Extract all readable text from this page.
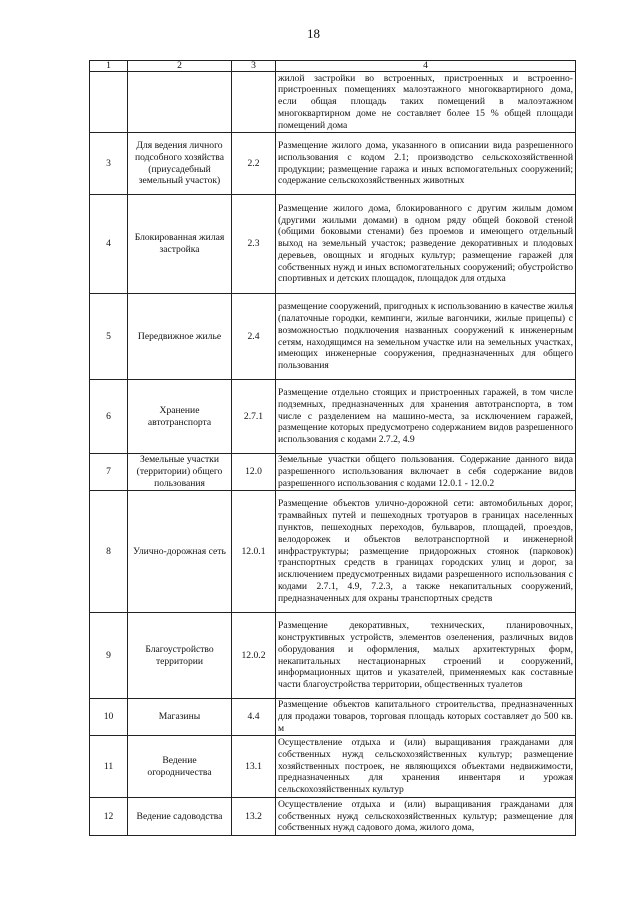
18
1	2	3	4
			жилой застройки во встроенных, пристроенных и встроенно-пристроенных помещениях малоэтажного многоквартирного дома, если общая площадь таких помещений в малоэтажном многоквартирном доме не составляет более 15 % общей площади помещений дома
3	Для ведения личного подсобного хозяйства (приусадебный земельный участок)	2.2	Размещение жилого дома, указанного в описании вида разрешенного использования с кодом 2.1; производство сельскохозяйственной продукции; размещение гаража и иных вспомогательных сооружений; содержание сельскохозяйственных животных
4	Блокированная жилая застройка	2.3	Размещение жилого дома, блокированного с другим жилым домом (другими жилыми домами) в одном ряду общей боковой стеной (общими боковыми стенами) без проемов и имеющего отдельный выход на земельный участок; разведение декоративных и плодовых деревьев, овощных и ягодных культур; размещение гаражей для собственных нужд и иных вспомогательных сооружений; обустройство спортивных и детских площадок, площадок для отдыха
5	Передвижное жилье	2.4	размещение сооружений, пригодных к использованию в качестве жилья (палаточные городки, кемпинги, жилые вагончики, жилые прицепы) с возможностью подключения названных сооружений к инженерным сетям, находящимся на земельном участке или на земельных участках, имеющих инженерные сооружения, предназначенных для общего пользования
6	Хранение автотранспорта	2.7.1	Размещение отдельно стоящих и пристроенных гаражей, в том числе подземных, предназначенных для хранения автотранспорта, в том числе с разделением на машино-места, за исключением гаражей, размещение которых предусмотрено содержанием видов разрешенного использования с кодами 2.7.2, 4.9
7	Земельные участки (территории) общего пользования	12.0	Земельные участки общего пользования. Содержание данного вида разрешенного использования включает в себя содержание видов разрешенного использования с кодами 12.0.1 - 12.0.2
8	Улично-дорожная сеть	12.0.1	Размещение объектов улично-дорожной сети: автомобильных дорог, трамвайных путей и пешеходных тротуаров в границах населенных пунктов, пешеходных переходов, бульваров, площадей, проездов, велодорожек и объектов велотранспортной и инженерной инфраструктуры; размещение придорожных стоянок (парковок) транспортных средств в границах городских улиц и дорог, за исключением предусмотренных видами разрешенного использования с кодами 2.7.1, 4.9, 7.2.3, а также некапитальных сооружений, предназначенных для охраны транспортных средств
9	Благоустройство территории	12.0.2	Размещение декоративных, технических, планировочных, конструктивных устройств, элементов озеленения, различных видов оборудования и оформления, малых архитектурных форм, некапитальных нестационарных строений и сооружений, информационных щитов и указателей, применяемых как составные части благоустройства территории, общественных туалетов
10	Магазины	4.4	Размещение объектов капитального строительства, предназначенных для продажи товаров, торговая площадь которых составляет до 500 кв. м
11	Ведение огородничества	13.1	Осуществление отдыха и (или) выращивания гражданами для собственных нужд сельскохозяйственных культур; размещение хозяйственных построек, не являющихся объектами недвижимости, предназначенных для хранения инвентаря и урожая сельскохозяйственных культур
12	Ведение садоводства	13.2	Осуществление отдыха и (или) выращивания гражданами для собственных нужд сельскохозяйственных культур; размещение для собственных нужд садового дома, жилого дома,
